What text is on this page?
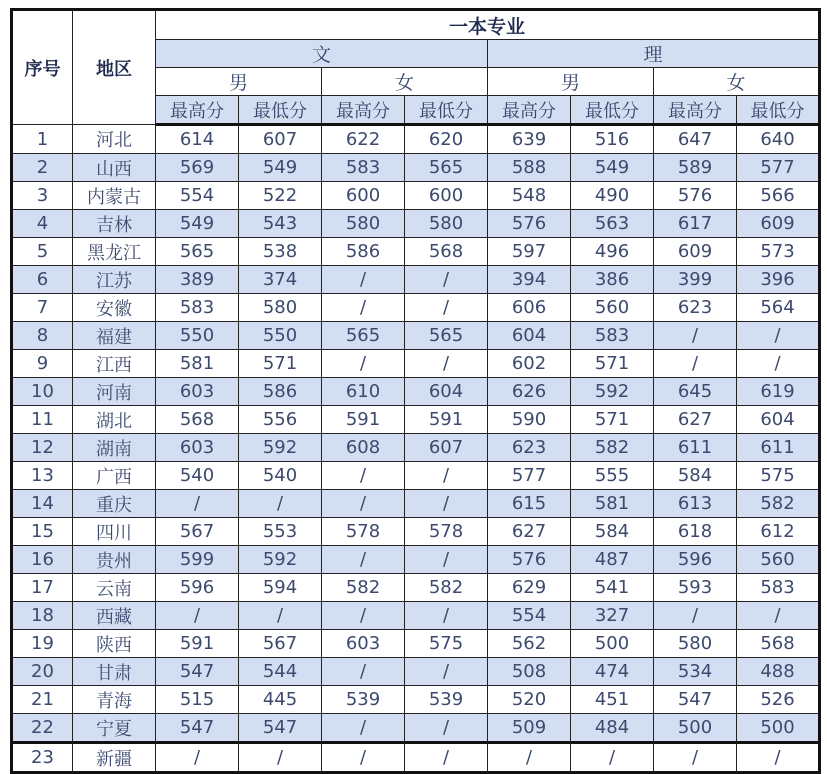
序号	地区	一本专业							
		文				理			
		男		女		男		女	
		最高分	最低分	最高分	最低分	最高分	最低分	最高分	最低分
1	河北	614	607	622	620	639	516	647	640
2	山西	569	549	583	565	588	549	589	577
3	内蒙古	554	522	600	600	548	490	576	566
4	吉林	549	543	580	580	576	563	617	609
5	黑龙江	565	538	586	568	597	496	609	573
6	江苏	389	374	/	/	394	386	399	396
7	安徽	583	580	/	/	606	560	623	564
8	福建	550	550	565	565	604	583	/	/
9	江西	581	571	/	/	602	571	/	/
10	河南	603	586	610	604	626	592	645	619
11	湖北	568	556	591	591	590	571	627	604
12	湖南	603	592	608	607	623	582	611	611
13	广西	540	540	/	/	577	555	584	575
14	重庆	/	/	/	/	615	581	613	582
15	四川	567	553	578	578	627	584	618	612
16	贵州	599	592	/	/	576	487	596	560
17	云南	596	594	582	582	629	541	593	583
18	西藏	/	/	/	/	554	327	/	/
19	陕西	591	567	603	575	562	500	580	568
20	甘肃	547	544	/	/	508	474	534	488
21	青海	515	445	539	539	520	451	547	526
22	宁夏	547	547	/	/	509	484	500	500
23	新疆	/	/	/	/	/	/	/	/
